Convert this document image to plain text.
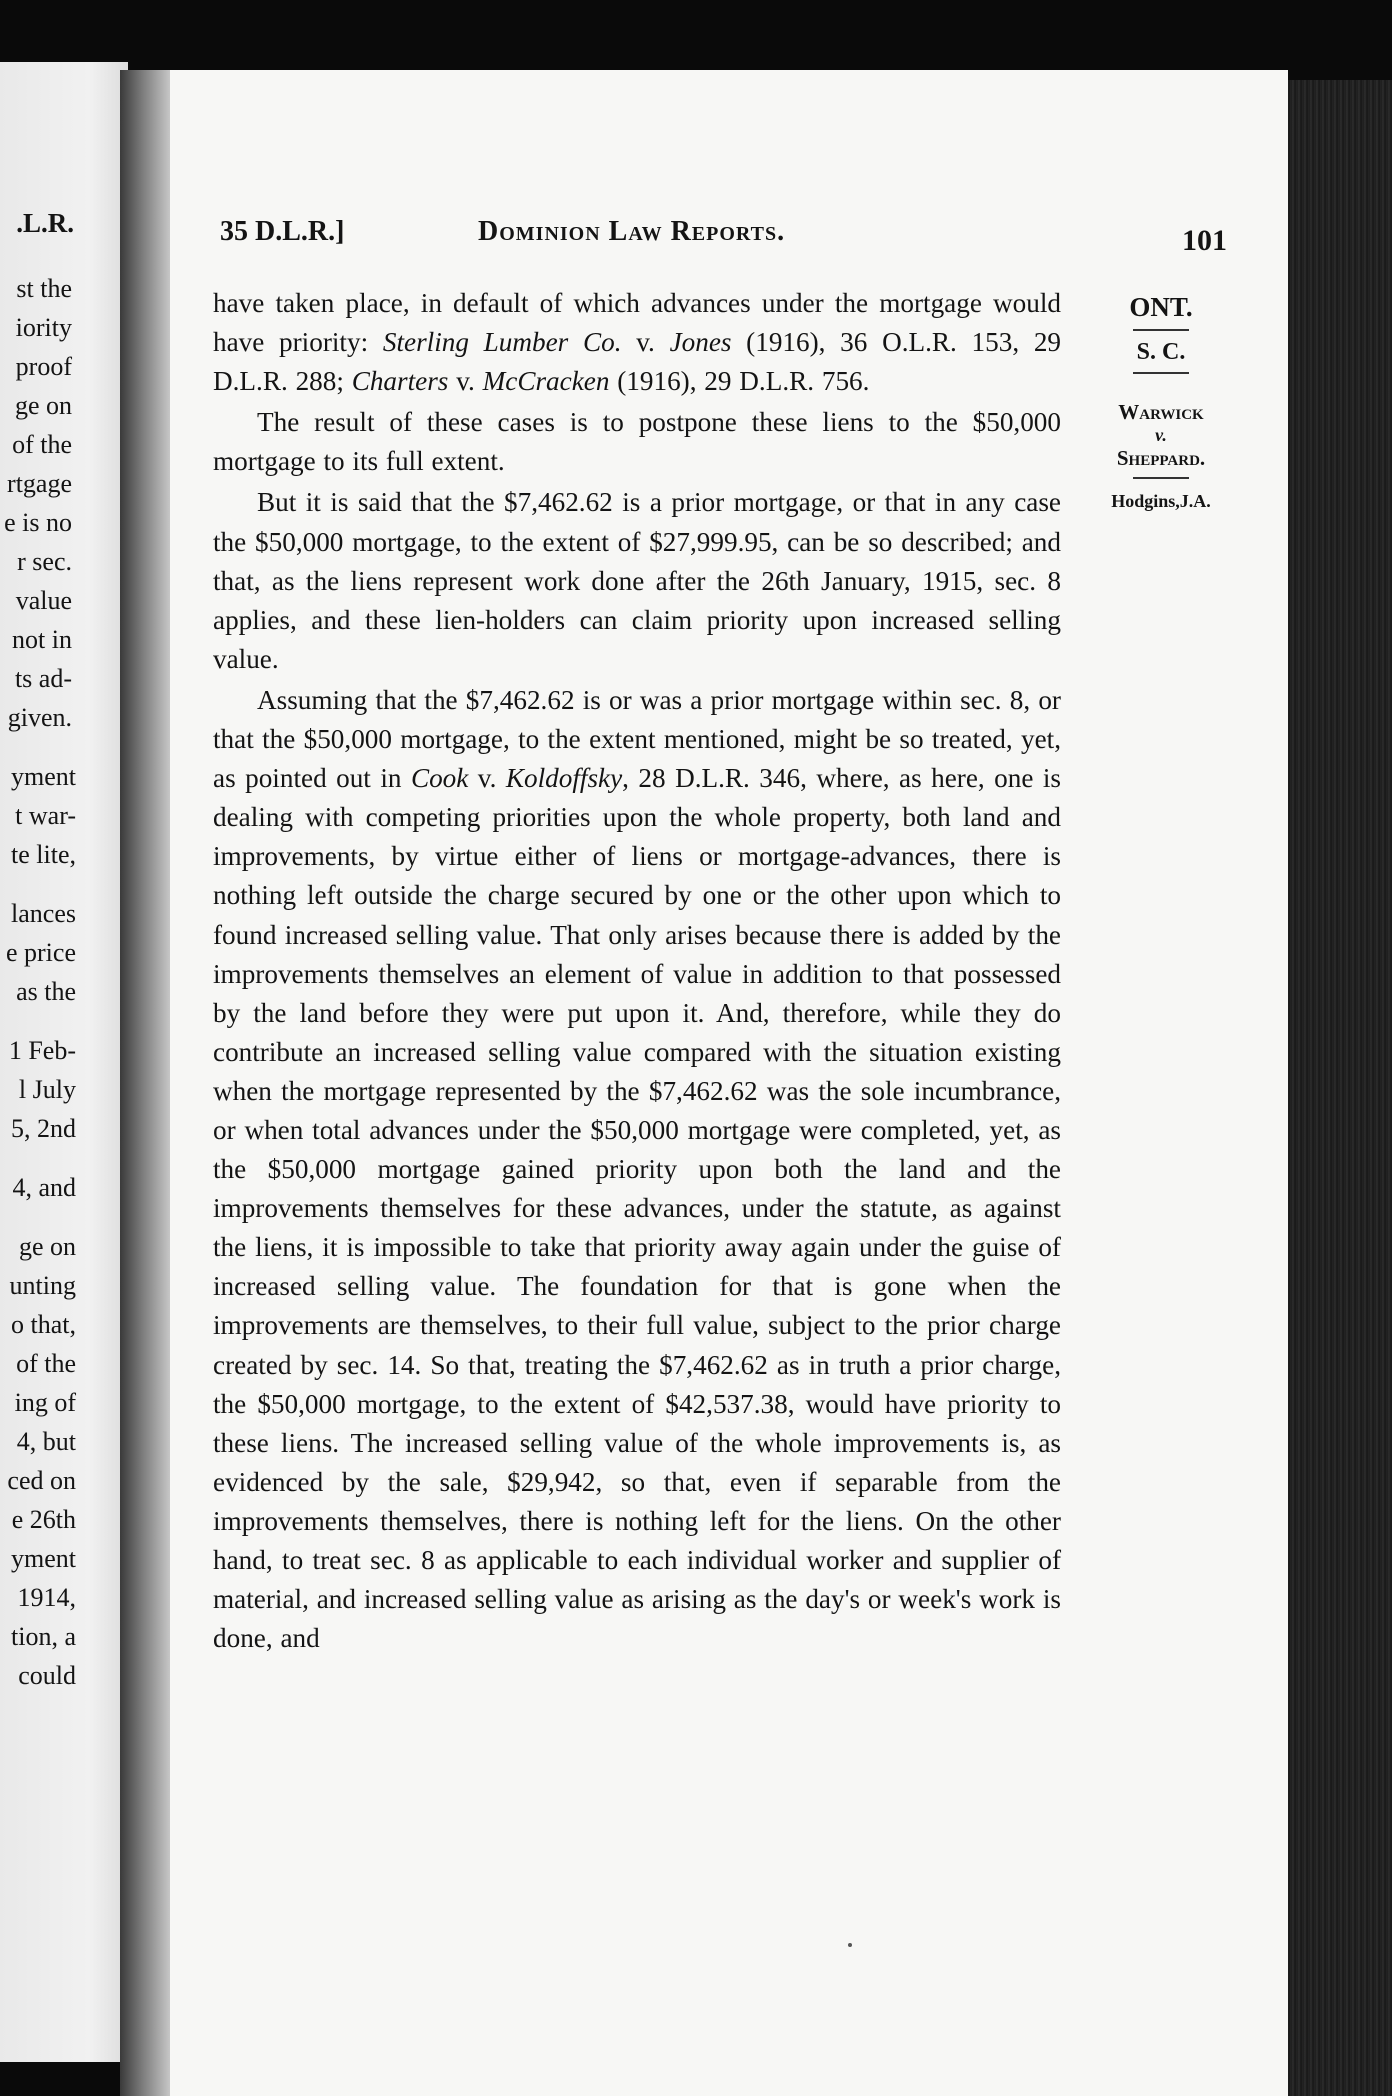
.L.R.
st the
iority
proof
ge on
of the
rtgage
e is no
r sec.
value
not in
ts ad-
given.
yment
t war-
te lite,
lances
e price
as the
1 Feb-
l July
5, 2nd
4, and
ge on
unting
o that,
of the
ing of
4, but
ced on
e 26th
yment
1914,
tion, a
could
35 D.L.R.]	Dominion Law Reports.	101

have taken place, in default of which advances under the mortgage would have priority: Sterling Lumber Co. v. Jones (1916), 36 O.L.R. 153, 29 D.L.R. 288; Charters v. McCracken (1916), 29 D.L.R. 756.

The result of these cases is to postpone these liens to the $50,000 mortgage to its full extent.

But it is said that the $7,462.62 is a prior mortgage, or that in any case the $50,000 mortgage, to the extent of $27,999.95, can be so described; and that, as the liens represent work done after the 26th January, 1915, sec. 8 applies, and these lien-holders can claim priority upon increased selling value.

Assuming that the $7,462.62 is or was a prior mortgage within sec. 8, or that the $50,000 mortgage, to the extent mentioned, might be so treated, yet, as pointed out in Cook v. Koldoffsky, 28 D.L.R. 346, where, as here, one is dealing with competing priorities upon the whole property, both land and improvements, by virtue either of liens or mortgage-advances, there is nothing left outside the charge secured by one or the other upon which to found increased selling value. That only arises because there is added by the improvements themselves an element of value in addition to that possessed by the land before they were put upon it. And, therefore, while they do contribute an increased selling value compared with the situation existing when the mortgage represented by the $7,462.62 was the sole incumbrance, or when total advances under the $50,000 mortgage were completed, yet, as the $50,000 mortgage gained priority upon both the land and the improvements themselves for these advances, under the statute, as against the liens, it is impossible to take that priority away again under the guise of increased selling value. The foundation for that is gone when the improvements are themselves, to their full value, subject to the prior charge created by sec. 14. So that, treating the $7,462.62 as in truth a prior charge, the $50,000 mortgage, to the extent of $42,537.38, would have priority to these liens. The increased selling value of the whole improvements is, as evidenced by the sale, $29,942, so that, even if separable from the improvements themselves, there is nothing left for the liens. On the other hand, to treat sec. 8 as applicable to each individual worker and supplier of material, and increased selling value as arising as the day's or week's work is done, and

ONT.
S. C.
Warwick
v.
Sheppard.
Hodgins,J.A.
